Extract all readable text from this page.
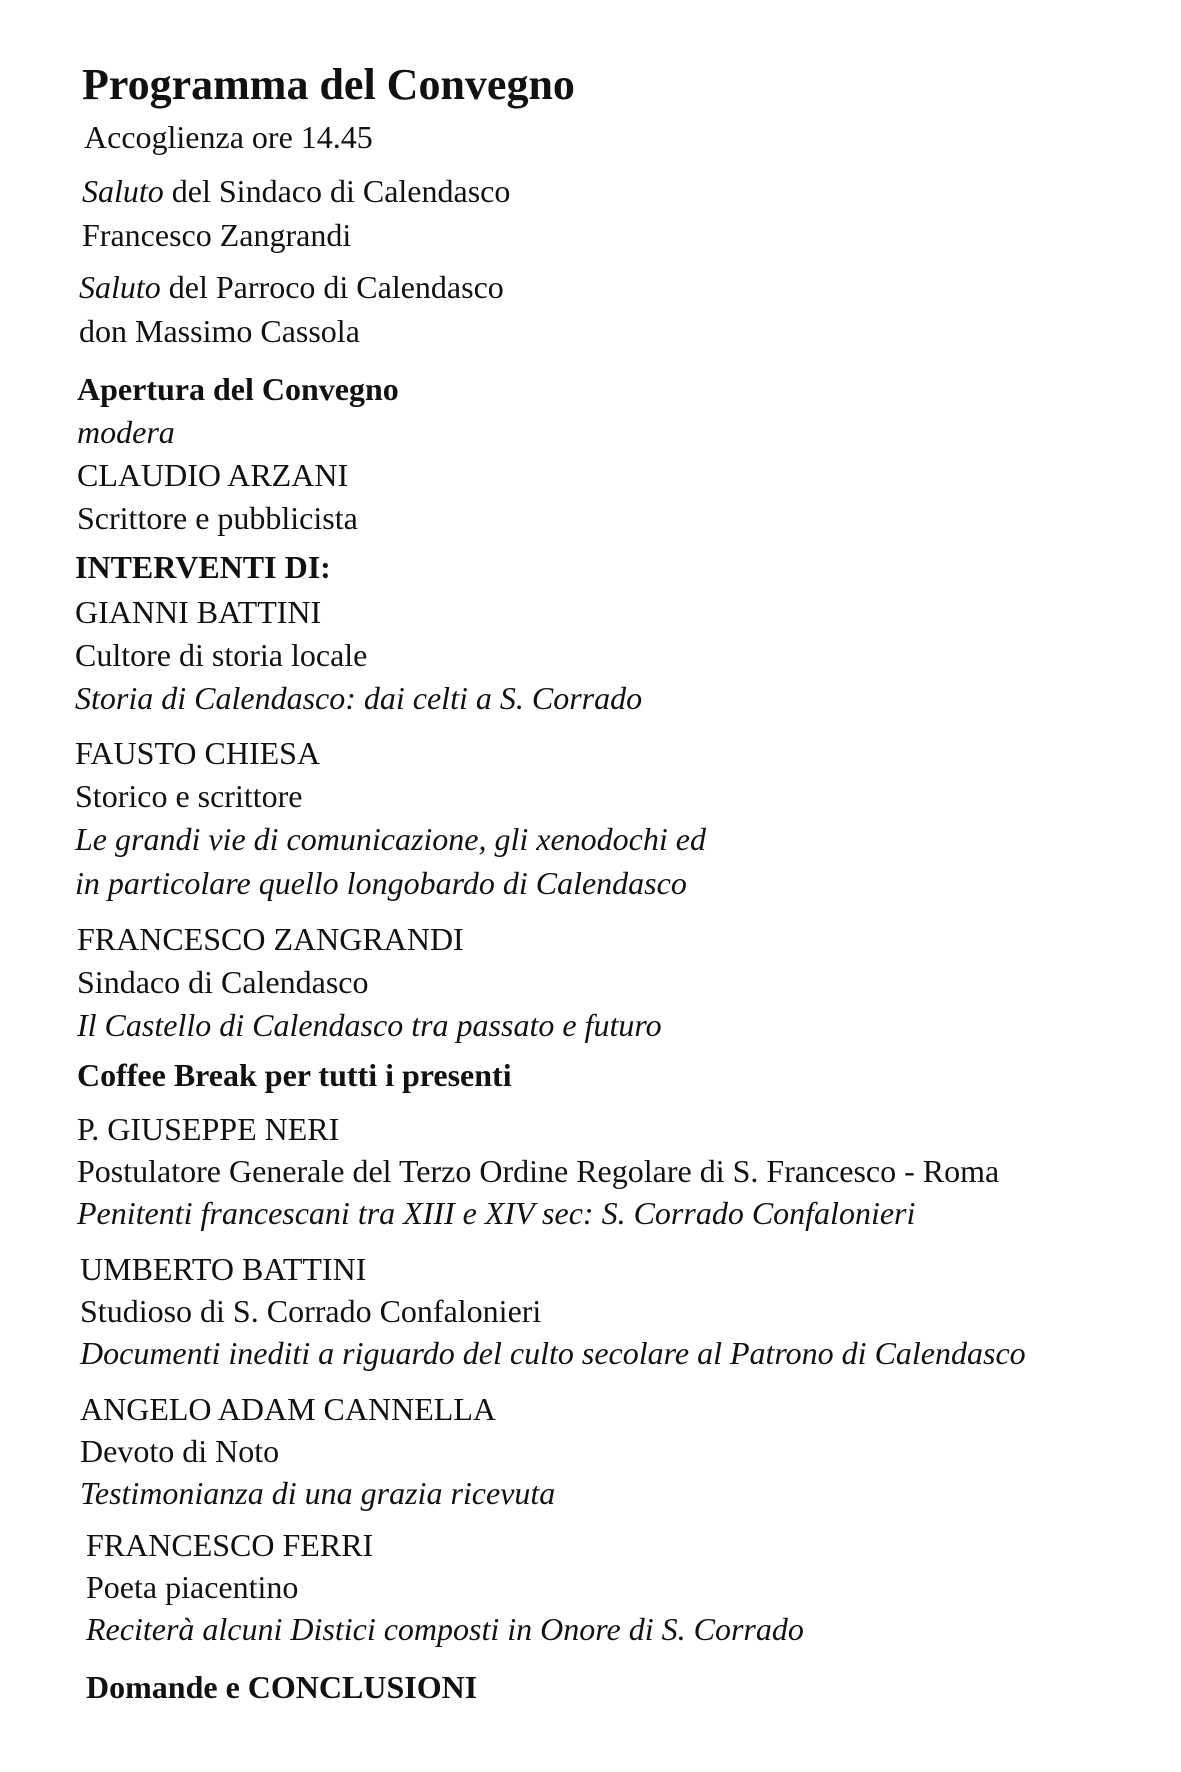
Programma del Convegno
Accoglienza ore 14.45
Saluto del Sindaco di Calendasco
Francesco Zangrandi
Saluto del Parroco di Calendasco
don Massimo Cassola
Apertura del Convegno
modera
CLAUDIO ARZANI
Scrittore e pubblicista
INTERVENTI DI:
GIANNI BATTINI
Cultore di storia locale
Storia di Calendasco: dai celti a S. Corrado
FAUSTO CHIESA
Storico e scrittore
Le grandi vie di comunicazione, gli xenodochi ed
in particolare quello longobardo di Calendasco
FRANCESCO ZANGRANDI
Sindaco di Calendasco
Il Castello di Calendasco tra passato e futuro
Coffee Break per tutti i presenti
P. GIUSEPPE NERI
Postulatore Generale del Terzo Ordine Regolare di S. Francesco - Roma
Penitenti francescani tra XIII e XIV sec: S. Corrado Confalonieri
UMBERTO BATTINI
Studioso di S. Corrado Confalonieri
Documenti inediti a riguardo del culto secolare al Patrono di Calendasco
ANGELO ADAM CANNELLA
Devoto di Noto
Testimonianza di una grazia ricevuta
FRANCESCO FERRI
Poeta piacentino
Reciterà alcuni Distici composti in Onore di S. Corrado
Domande e CONCLUSIONI
